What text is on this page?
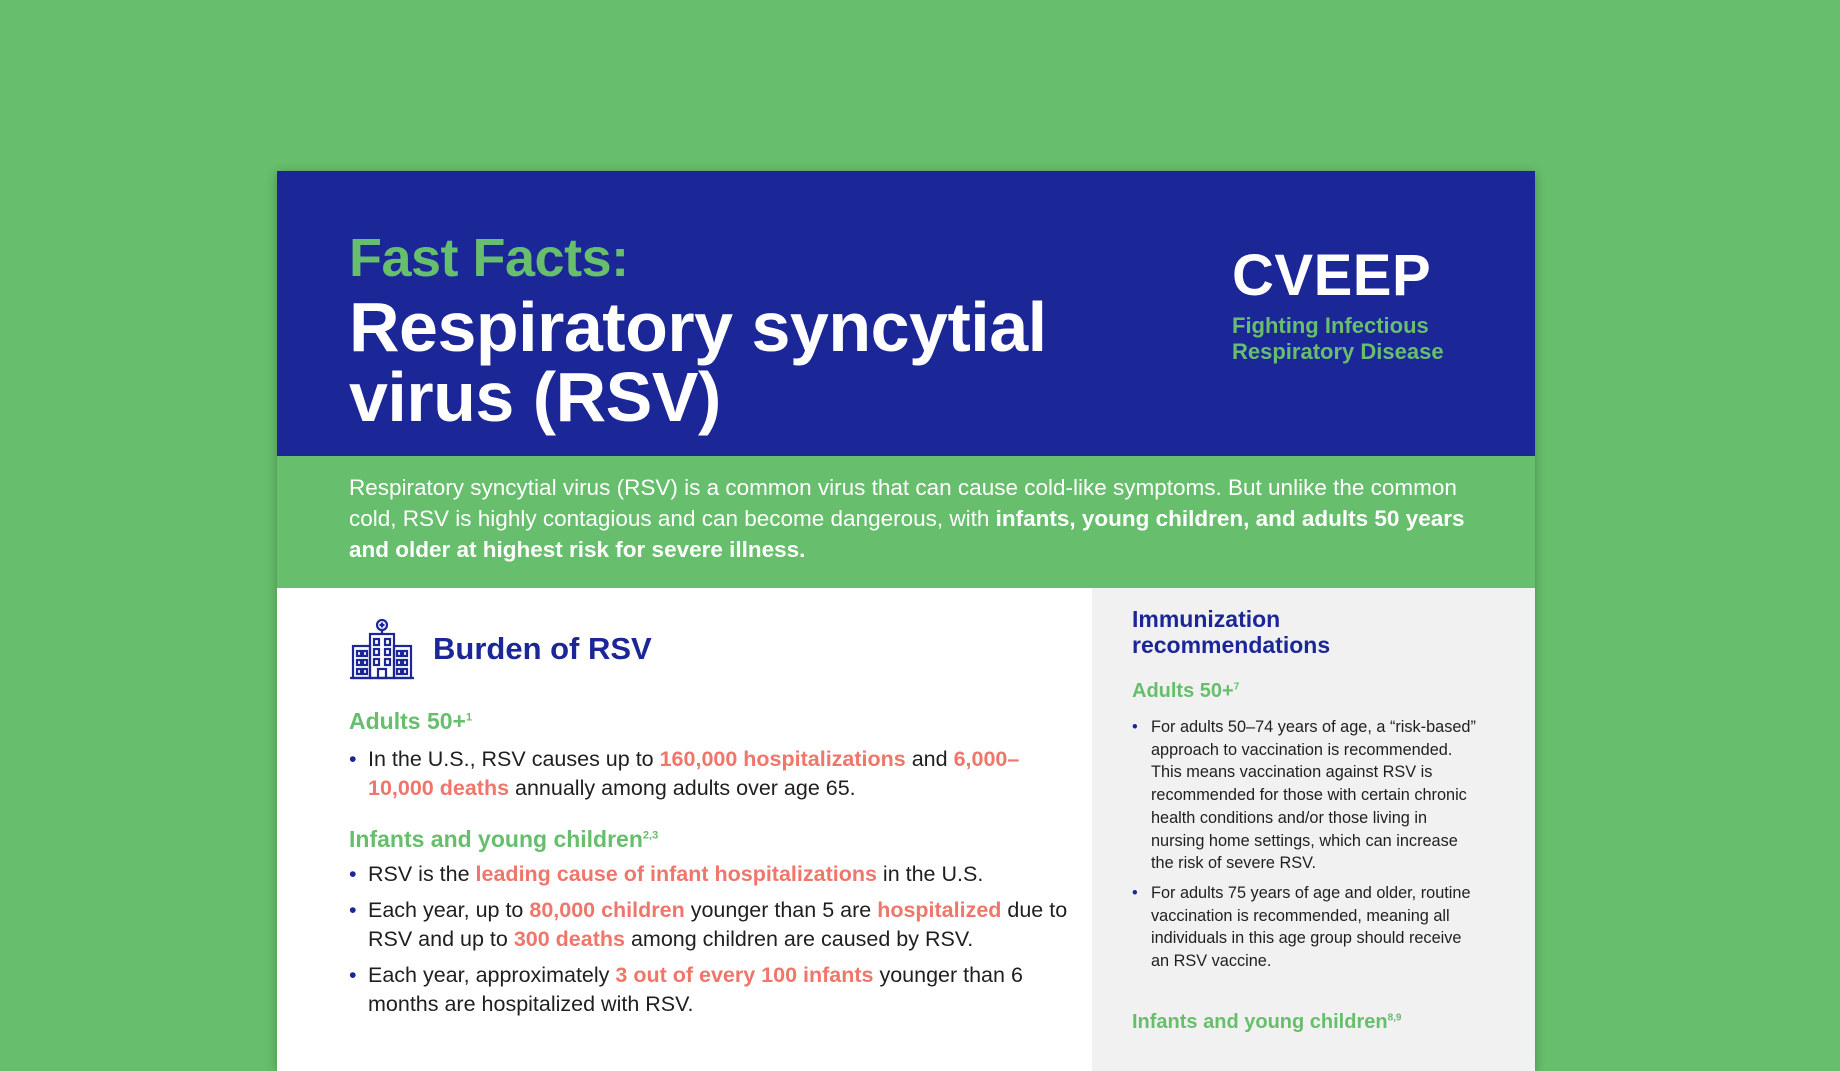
Fast Facts:
Respiratory syncytial virus (RSV)
CVEEP
Fighting Infectious
Respiratory Disease
Respiratory syncytial virus (RSV) is a common virus that can cause cold-like symptoms. But unlike the common cold, RSV is highly contagious and can become dangerous, with infants, young children, and adults 50 years and older at highest risk for severe illness.
Burden of RSV
Adults 50+$^1$
• In the U.S., RSV causes up to 160,000 hospitalizations and 6,000–10,000 deaths annually among adults over age 65.
Infants and young children$^{2,3}$
• RSV is the leading cause of infant hospitalizations in the U.S.
• Each year, up to 80,000 children younger than 5 are hospitalized due to RSV and up to 300 deaths among children are caused by RSV.
• Each year, approximately 3 out of every 100 infants younger than 6 months are hospitalized with RSV.
Immunization recommendations
Adults 50+$^7$
• For adults 50–74 years of age, a “risk-based” approach to vaccination is recommended. This means vaccination against RSV is recommended for those with certain chronic health conditions and/or those living in nursing home settings, which can increase the risk of severe RSV.
• For adults 75 years of age and older, routine vaccination is recommended, meaning all individuals in this age group should receive an RSV vaccine.
Infants and young children$^{8,9}$
